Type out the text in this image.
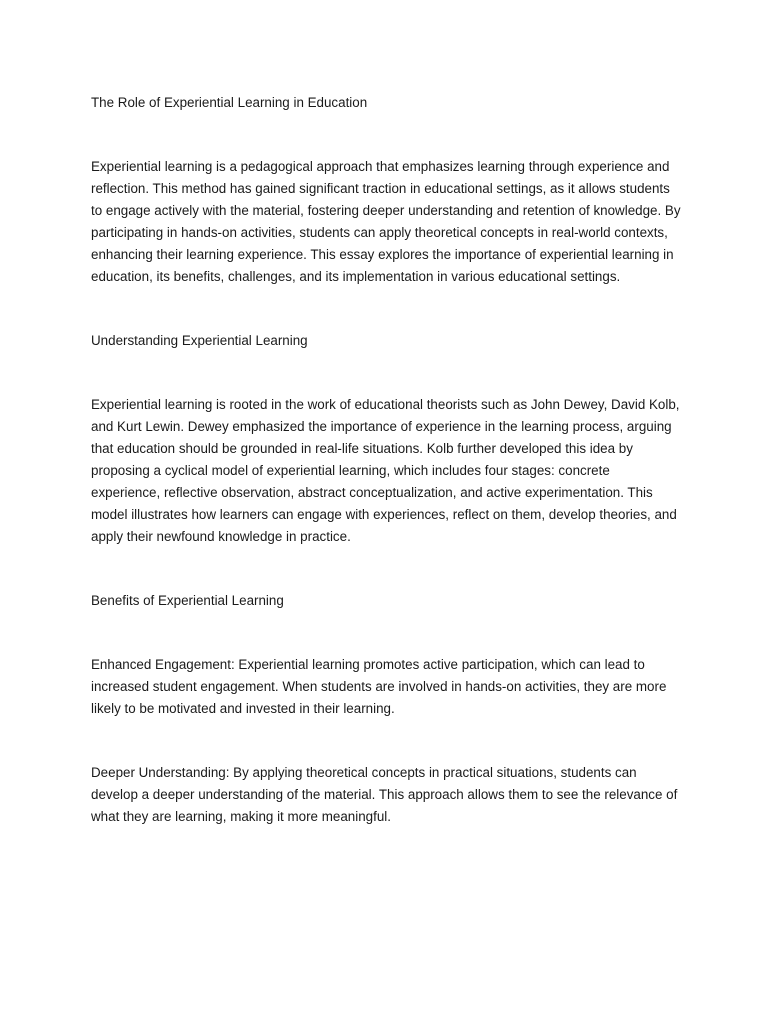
The Role of Experiential Learning in Education

Experiential learning is a pedagogical approach that emphasizes learning through experience and reflection. This method has gained significant traction in educational settings, as it allows students to engage actively with the material, fostering deeper understanding and retention of knowledge. By participating in hands-on activities, students can apply theoretical concepts in real-world contexts, enhancing their learning experience. This essay explores the importance of experiential learning in education, its benefits, challenges, and its implementation in various educational settings.

Understanding Experiential Learning

Experiential learning is rooted in the work of educational theorists such as John Dewey, David Kolb, and Kurt Lewin. Dewey emphasized the importance of experience in the learning process, arguing that education should be grounded in real-life situations. Kolb further developed this idea by proposing a cyclical model of experiential learning, which includes four stages: concrete experience, reflective observation, abstract conceptualization, and active experimentation. This model illustrates how learners can engage with experiences, reflect on them, develop theories, and apply their newfound knowledge in practice.

Benefits of Experiential Learning

Enhanced Engagement: Experiential learning promotes active participation, which can lead to increased student engagement. When students are involved in hands-on activities, they are more likely to be motivated and invested in their learning.

Deeper Understanding: By applying theoretical concepts in practical situations, students can develop a deeper understanding of the material. This approach allows them to see the relevance of what they are learning, making it more meaningful.
